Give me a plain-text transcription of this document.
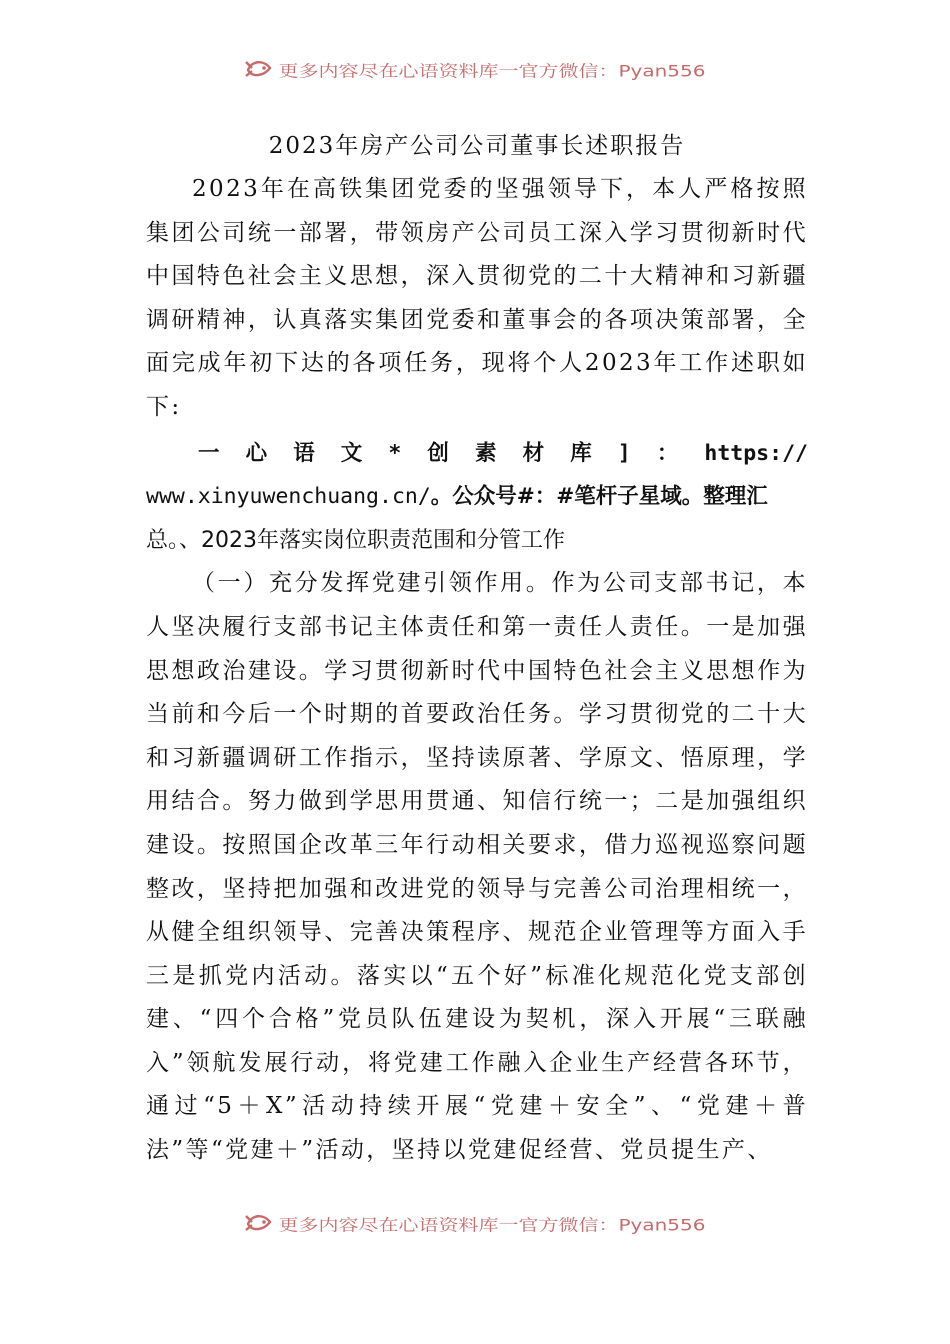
更多内容尽在心语资料库一官方微信：Pyan556
2023年房产公司公司董事长述职报告

2023年在高铁集团党委的坚强领导下，本人严格按照集团公司统一部署，带领房产公司员工深入学习贯彻新时代中国特色社会主义思想，深入贯彻党的二十大精神和习新疆调研精神，认真落实集团党委和董事会的各项决策部署，全面完成年初下达的各项任务，现将个人2023年工作述职如下:

一 心 语 文 * 创 素 材 库 ] ： https://
www.xinyuwenchuang.cn/。公众号#：#笔杆子星域。整理汇
总。、2023年落实岗位职责范围和分管工作

（一）充分发挥党建引领作用。作为公司支部书记，本人坚决履行支部书记主体责任和第一责任人责任。一是加强思想政治建设。学习贯彻新时代中国特色社会主义思想作为当前和今后一个时期的首要政治任务。学习贯彻党的二十大和习新疆调研工作指示，坚持读原著、学原文、悟原理，学用结合。努力做到学思用贯通、知信行统一；二是加强组织建设。按照国企改革三年行动相关要求，借力巡视巡察问题整改，坚持把加强和改进党的领导与完善公司治理相统一，从健全组织领导、完善决策程序、规范企业管理等方面入手三是抓党内活动。落实以“五个好”标准化规范化党支部创建、“四个合格”党员队伍建设为契机，深入开展“三联融入”领航发展行动，将党建工作融入企业生产经营各环节，通过“5＋X”活动持续开展“党建＋安全”、“党建＋普法”等“党建＋”活动，坚持以党建促经营、党员提生产、

更多内容尽在心语资料库一官方微信：Pyan556
